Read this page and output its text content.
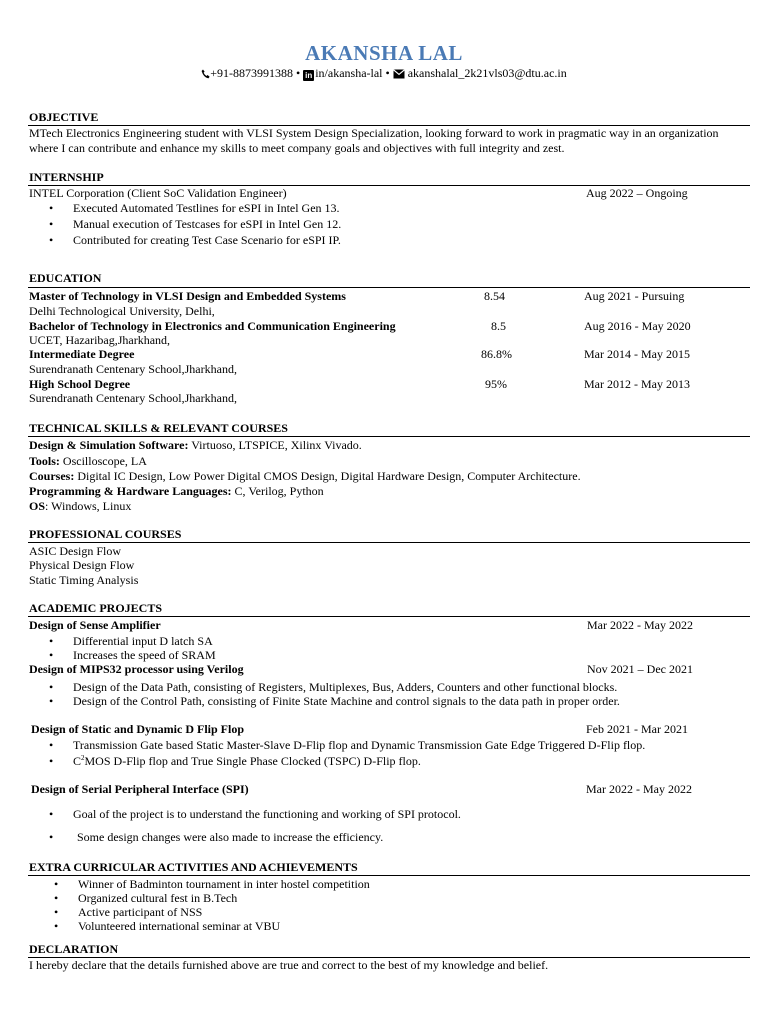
AKANSHA LAL
+91-8873991388 • in in/akansha-lal • akanshalal_2k21vls03@dtu.ac.in
OBJECTIVE
MTech Electronics Engineering student with VLSI System Design Specialization, looking forward to work in pragmatic way in an organization
where I can contribute and enhance my skills to meet company goals and objectives with full integrity and zest.
INTERNSHIP
INTEL Corporation (Client SoC Validation Engineer)	Aug 2022 – Ongoing
• Executed Automated Testlines for eSPI in Intel Gen 13.
• Manual execution of Testcases for eSPI in Intel Gen 12.
• Contributed for creating Test Case Scenario for eSPI IP.
EDUCATION
Master of Technology in VLSI Design and Embedded Systems	8.54	Aug 2021 - Pursuing
Delhi Technological University, Delhi,
Bachelor of Technology in Electronics and Communication Engineering	8.5	Aug 2016 - May 2020
UCET, Hazaribag,Jharkhand,
Intermediate Degree	86.8%	Mar 2014 - May 2015
Surendranath Centenary School,Jharkhand,
High School Degree	95%	Mar 2012 - May 2013
Surendranath Centenary School,Jharkhand,
TECHNICAL SKILLS & RELEVANT COURSES
Design & Simulation Software: Virtuoso, LTSPICE, Xilinx Vivado.
Tools: Oscilloscope, LA
Courses: Digital IC Design, Low Power Digital CMOS Design, Digital Hardware Design, Computer Architecture.
Programming & Hardware Languages: C, Verilog, Python
OS: Windows, Linux
PROFESSIONAL COURSES
ASIC Design Flow
Physical Design Flow
Static Timing Analysis
ACADEMIC PROJECTS
Design of Sense Amplifier	Mar 2022 - May 2022
• Differential input D latch SA
• Increases the speed of SRAM
Design of MIPS32 processor using Verilog	Nov 2021 – Dec 2021
• Design of the Data Path, consisting of Registers, Multiplexes, Bus, Adders, Counters and other functional blocks.
• Design of the Control Path, consisting of Finite State Machine and control signals to the data path in proper order.
Design of Static and Dynamic D Flip Flop	Feb 2021 - Mar 2021
• Transmission Gate based Static Master-Slave D-Flip flop and Dynamic Transmission Gate Edge Triggered D-Flip flop.
• $C^2MOS$ D-Flip flop and True Single Phase Clocked (TSPC) D-Flip flop.
Design of Serial Peripheral Interface (SPI)	Mar 2022 - May 2022
• Goal of the project is to understand the functioning and working of SPI protocol.
• Some design changes were also made to increase the efficiency.
EXTRA CURRICULAR ACTIVITIES AND ACHIEVEMENTS
• Winner of Badminton tournament in inter hostel competition
• Organized cultural fest in B.Tech
• Active participant of NSS
• Volunteered international seminar at VBU
DECLARATION
I hereby declare that the details furnished above are true and correct to the best of my knowledge and belief.
